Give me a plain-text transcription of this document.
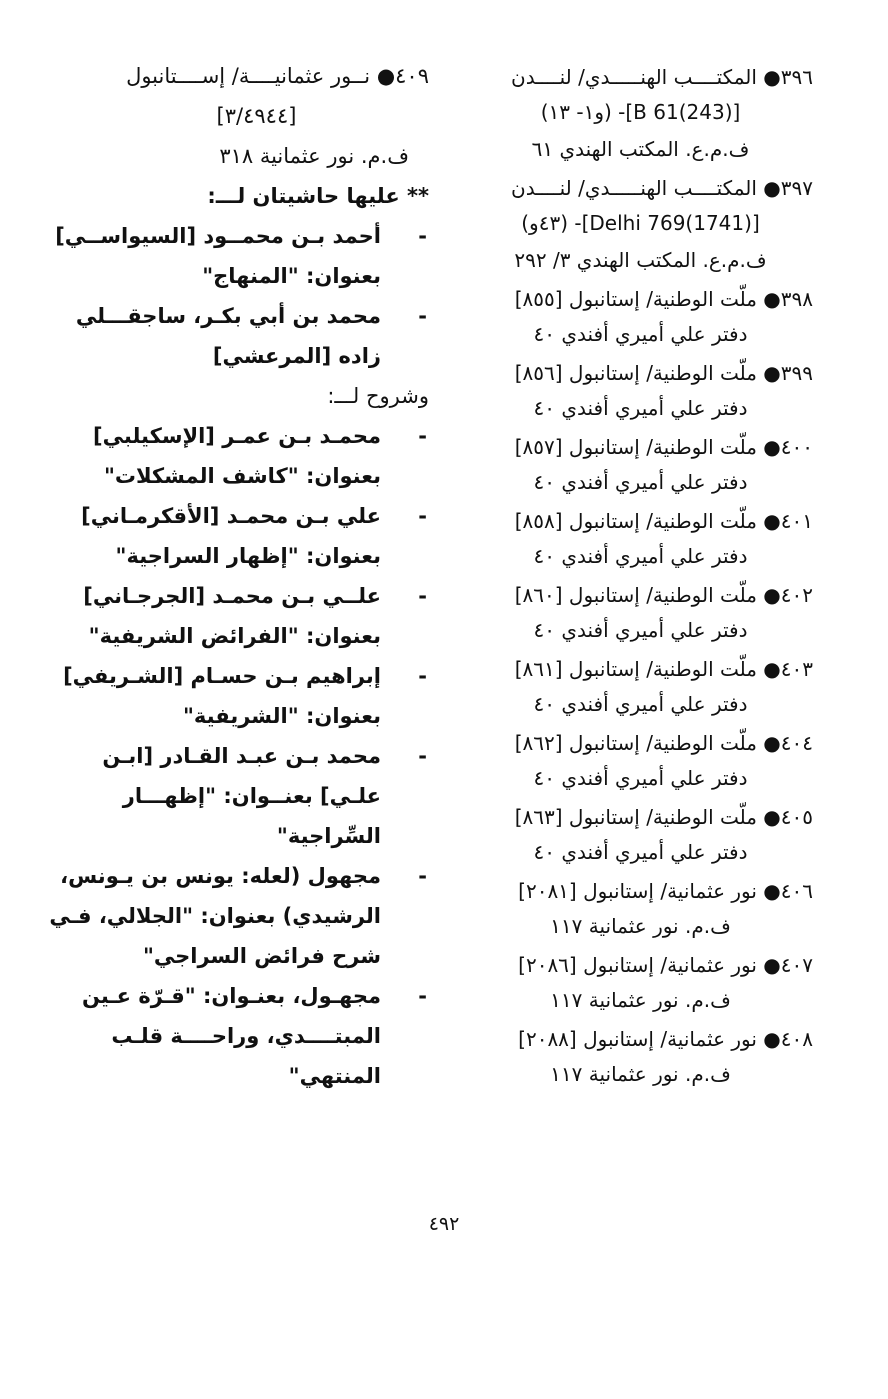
٣٩٦● المكتــــب الهنـــــدي/ لنــــدن
[(243)B 61]- (و١- ١٣)
ف.م.ع. المكتب الهندي ٦١
٣٩٧● المكتــــب الهنـــــدي/ لنــــدن
[(1741)Delhi 769]- (٤٣و)
ف.م.ع. المكتب الهندي ٣/ ٢٩٢
٣٩٨● ملّت الوطنية/ إستانبول [٨٥٥]
دفتر علي أميري أفندي ٤٠
٣٩٩● ملّت الوطنية/ إستانبول [٨٥٦]
دفتر علي أميري أفندي ٤٠
٤٠٠● ملّت الوطنية/ إستانبول [٨٥٧]
دفتر علي أميري أفندي ٤٠
٤٠١● ملّت الوطنية/ إستانبول [٨٥٨]
دفتر علي أميري أفندي ٤٠
٤٠٢● ملّت الوطنية/ إستانبول [٨٦٠]
دفتر علي أميري أفندي ٤٠
٤٠٣● ملّت الوطنية/ إستانبول [٨٦١]
دفتر علي أميري أفندي ٤٠
٤٠٤● ملّت الوطنية/ إستانبول [٨٦٢]
دفتر علي أميري أفندي ٤٠
٤٠٥● ملّت الوطنية/ إستانبول [٨٦٣]
دفتر علي أميري أفندي ٤٠
٤٠٦● نور عثمانية/ إستانبول [٢٠٨١]
ف.م. نور عثمانية ١١٧
٤٠٧● نور عثمانية/ إستانبول [٢٠٨٦]
ف.م. نور عثمانية ١١٧
٤٠٨● نور عثمانية/ إستانبول [٢٠٨٨]
ف.م. نور عثمانية ١١٧
٤٠٩● نــور عثمانيــــة/ إســــتانبول
[٣/٤٩٤٤]
ف.م. نور عثمانية ٣١٨
** عليها حاشيتان لـــ:
-
أحمد بـن محمــود [السيواســي]
بعنوان: "المنهاج"
-
محمد بن أبي بكـر، ساجقـــلي
زاده [المرعشي]
وشروح لـــ:
-
محمـد بـن عمـر [الإسكيلبي]
بعنوان: "كاشف المشكلات"
-
علي بـن محمـد [الأقكرمـاني]
بعنوان: "إظهار السراجية"
-
علــي بـن محمـد [الجرجـاني]
بعنوان: "الفرائض الشريفية"
-
إبراهيم بـن حسـام [الشـريفي]
بعنوان: "الشريفية"
-
محمد بـن عبـد القـادر [ابـن
علـي] بعنــوان: "إظهـــار
السِّراجية"
-
مجهول (لعله: يونس بن يـونس،
الرشيدي) بعنوان: "الجلالي، فـي
شرح فرائض السراجي"
-
مجهـول، بعنـوان: "قـرّة عـين
المبتــــدي، وراحــــة قلـب
المنتهي"
٤٩٢
